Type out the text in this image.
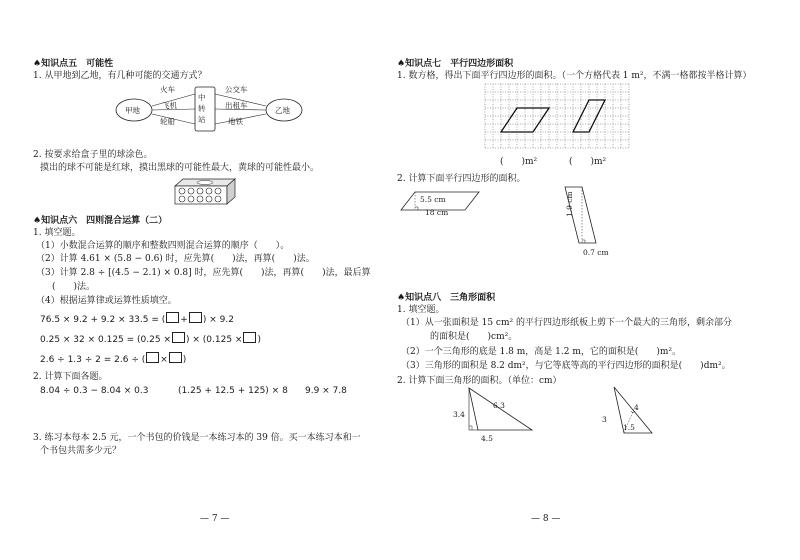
♠知识点五　可能性
1. 从甲地到乙地，有几种可能的交通方式？
甲地	乙地
中
转
站
火车
飞机
轮船
公交车
出租车
地铁
2. 按要求给盒子里的球涂色。
摸出的球不可能是红球，摸出黑球的可能性最大，黄球的可能性最小。
♠知识点六　四则混合运算（二）
1. 填空题。
（1）小数混合运算的顺序和整数四则混合运算的顺序（　　）。
（2）计算 4.61 × (5.8 − 0.6) 时，应先算(　　)法，再算(　　)法。
（3）计算 2.8 ÷ [(4.5 − 2.1) × 0.8] 时，应先算(　　)法，再算(　　)法，最后算
(　　)法。
（4）根据运算律或运算性质填空。
76.5 × 9.2 + 9.2 × 33.5 = ( + ) × 9.2
0.25 × 32 × 0.125 = (0.25 × ) × (0.125 × )
2.6 ÷ 1.3 ÷ 2 = 2.6 ÷ ( × )
2. 计算下面各题。
8.04 ÷ 0.3 − 8.04 × 0.3	(1.25 + 12.5 + 125) × 8 9.9 × 7.8
3. 练习本每本 2.5 元，一个书包的价钱是一本练习本的 39 倍。买一本练习本和一
个书包共需多少元？
— 7 —
♠知识点七　平行四边形面积
1. 数方格，得出下面平行四边形的面积。（一个方格代表 1 m²，不满一格都按半格计算）
(　　)m²	(　　)m²
2. 计算下面平行四边形的面积。
5.5 cm
18 cm	1.9 cm
0.7 cm
♠知识点八　三角形面积
1. 填空题。
（1）从一张面积是 15 cm² 的平行四边形纸板上剪下一个最大的三角形，剩余部分
的面积是(　　)cm²。
（2）一个三角形的底是 1.8 m，高是 1.2 m，它的面积是(　　)m²。
（3）三角形的面积是 8.2 dm²，与它等底等高的平行四边形的面积是(　　)dm²。
2. 计算下面三角形的面积。（单位：cm）
3.4
6.3
4.5
3
4
1.5
— 8 —
